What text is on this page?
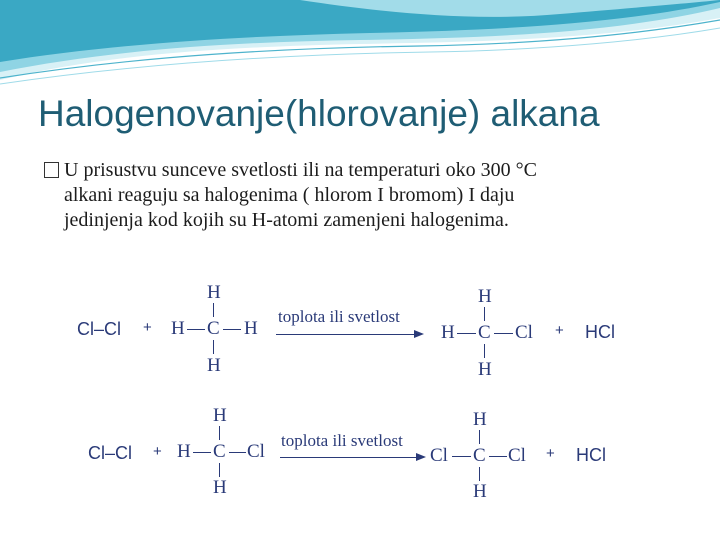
Halogenovanje(hlorovanje) alkana
U prisustvu sunceve svetlosti ili na temperaturi oko 300 °C
alkani reaguju sa halogenima ( hlorom I bromom) I daju
jedinjenja kod kojih su H-atomi zamenjeni halogenima.
Cl–Cl +
H
H C H
H
toplota ili svetlost
H
H C Cl
H
+ HCl
Cl–Cl +
H
H C Cl
H
toplota ili svetlost
H
Cl C Cl
H
+ HCl
